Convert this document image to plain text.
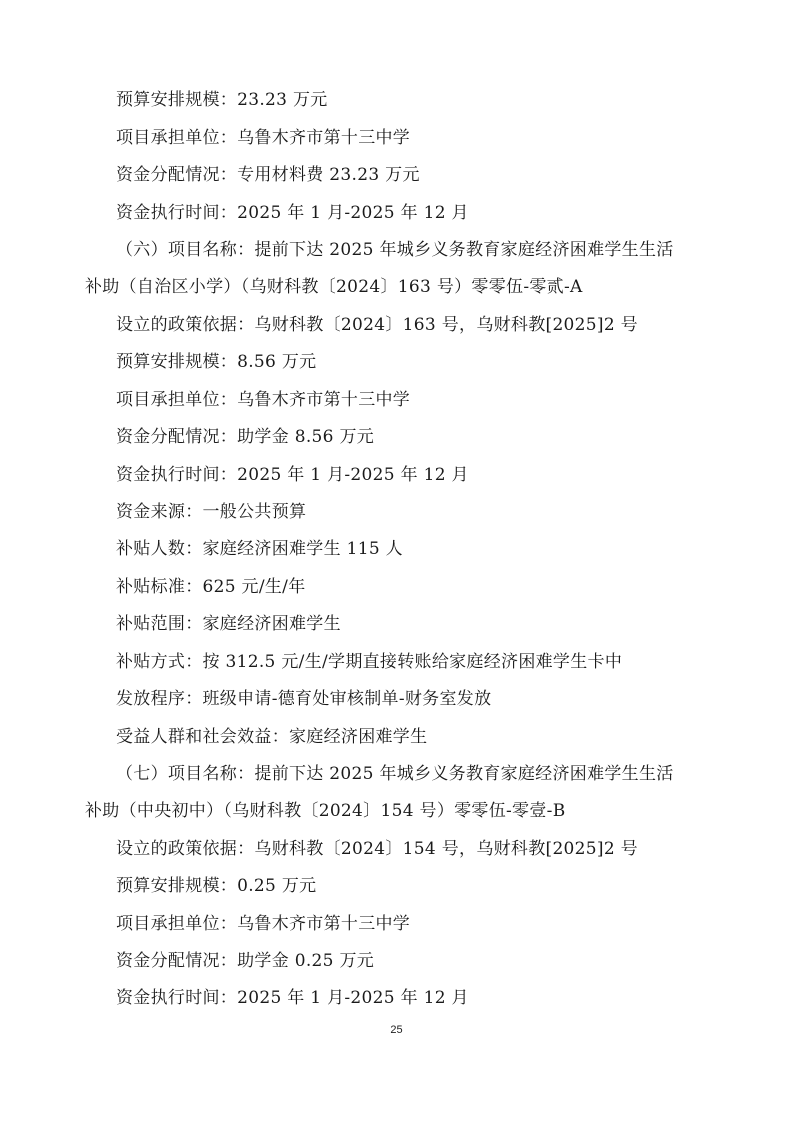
预算安排规模：23.23 万元
项目承担单位：乌鲁木齐市第十三中学
资金分配情况：专用材料费 23.23 万元
资金执行时间：2025 年 1 月-2025 年 12 月
（六）项目名称：提前下达 2025 年城乡义务教育家庭经济困难学生生活
补助（自治区小学）（乌财科教〔2024〕163 号）零零伍-零贰-A
设立的政策依据：乌财科教〔2024〕163 号，乌财科教[2025]2 号
预算安排规模：8.56 万元
项目承担单位：乌鲁木齐市第十三中学
资金分配情况：助学金 8.56 万元
资金执行时间：2025 年 1 月-2025 年 12 月
资金来源：一般公共预算
补贴人数：家庭经济困难学生 115 人
补贴标准：625 元/生/年
补贴范围：家庭经济困难学生
补贴方式：按 312.5 元/生/学期直接转账给家庭经济困难学生卡中
发放程序：班级申请-德育处审核制单-财务室发放
受益人群和社会效益：家庭经济困难学生
（七）项目名称：提前下达 2025 年城乡义务教育家庭经济困难学生生活
补助（中央初中）（乌财科教〔2024〕154 号）零零伍-零壹-B
设立的政策依据：乌财科教〔2024〕154 号，乌财科教[2025]2 号
预算安排规模：0.25 万元
项目承担单位：乌鲁木齐市第十三中学
资金分配情况：助学金 0.25 万元
资金执行时间：2025 年 1 月-2025 年 12 月
25
